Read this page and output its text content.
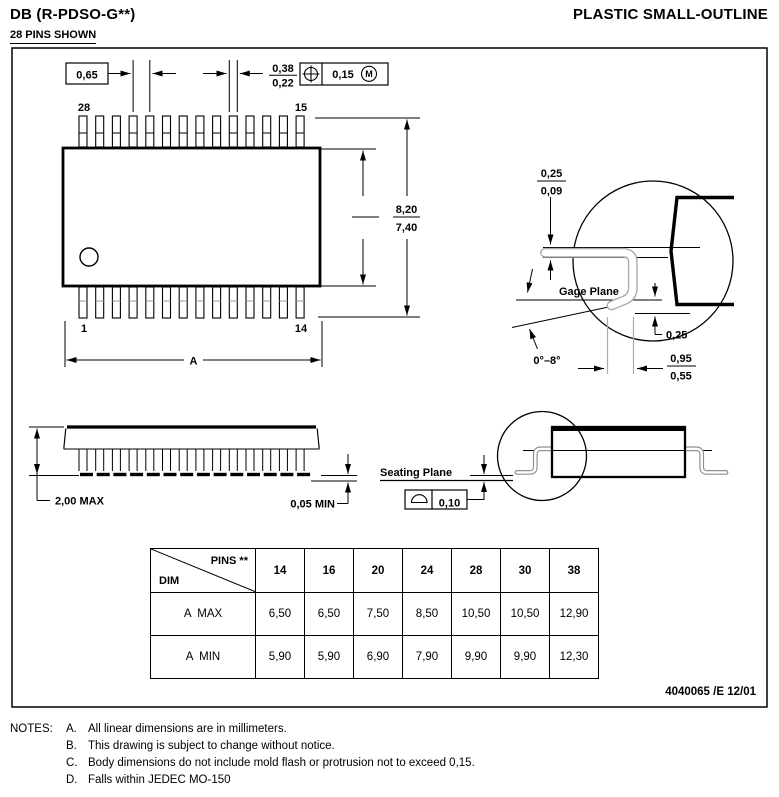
DB (R-PDSO-G**)	PLASTIC SMALL-OUTLINE
28 PINS SHOWN
0,65
0,38
0,22
0,15 M
28	15
1	14
8,20
7,40
A
Gage Plane
0,25
0,09
0,25
0°–8°	0,95
0,55
2,00 MAX	0,05 MIN
Seating Plane
0,10
PINS **
DIM	14	16	20	24	28	30	38
A  MAX	6,50	6,50	7,50	8,50	10,50	10,50	12,90
A  MIN	5,90	5,90	6,90	7,90	9,90	9,90	12,30
4040065 /E 12/01
NOTES: A. All linear dimensions are in millimeters.
B. This drawing is subject to change without notice.
C. Body dimensions do not include mold flash or protrusion not to exceed 0,15.
D. Falls within JEDEC MO-150
